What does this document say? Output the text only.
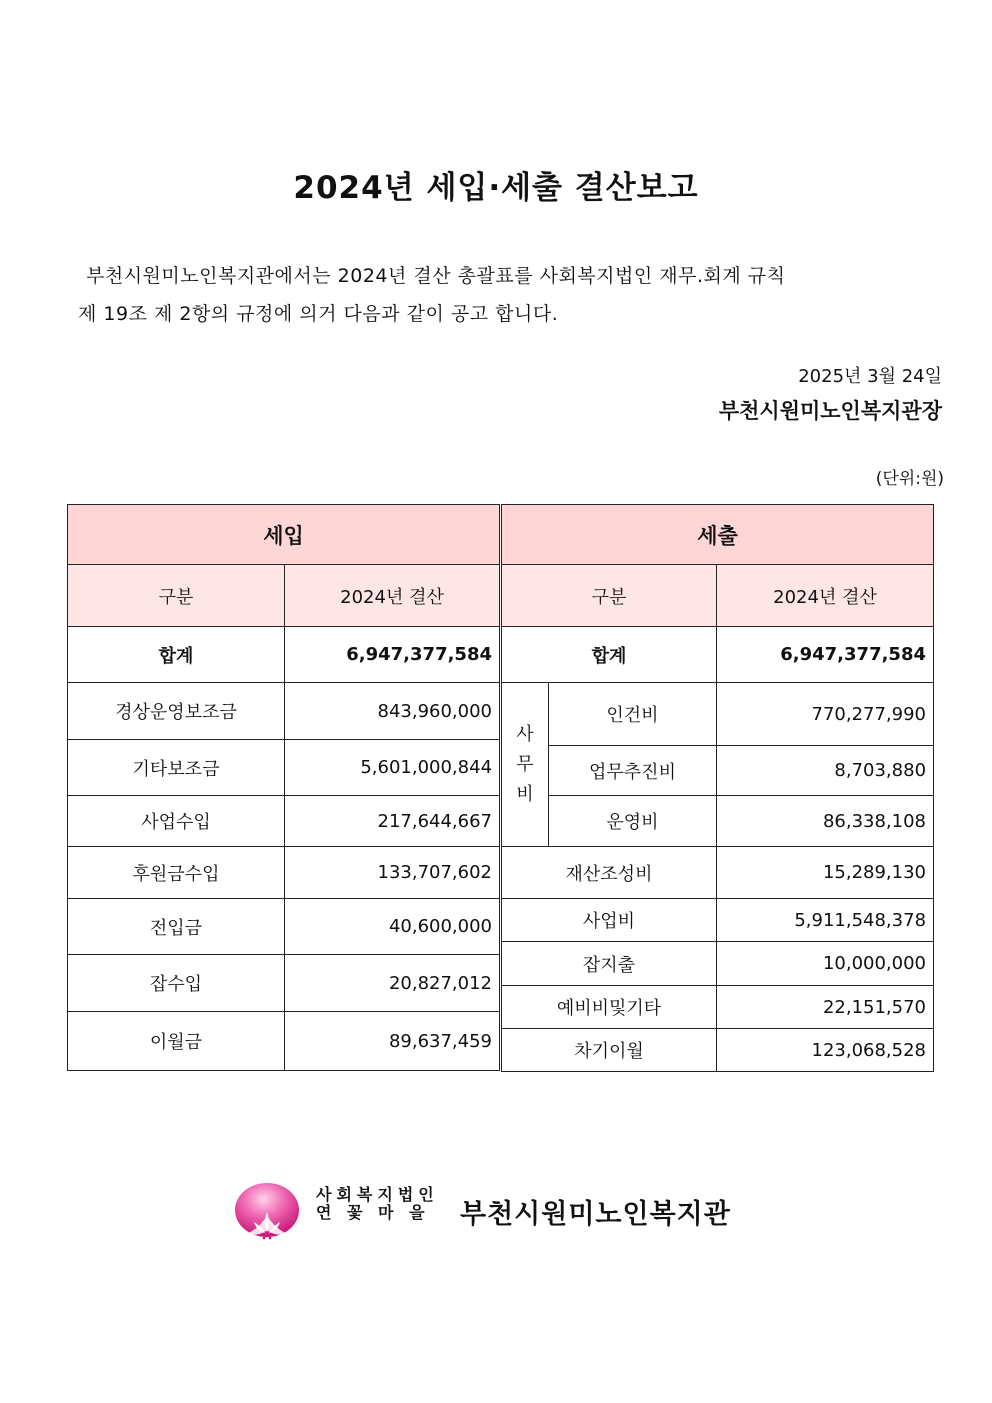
2024년 세입·세출 결산보고
부천시원미노인복지관에서는 2024년 결산 총괄표를 사회복지법인 재무.회계 규칙
제 19조 제 2항의 규정에 의거 다음과 같이 공고 합니다.
2025년 3월 24일
부천시원미노인복지관장
(단위:원)
세입	
구분	2024년 결산
합계	6,947,377,584
경상운영보조금	843,960,000
기타보조금	5,601,000,844
사업수입	217,644,667
후원금수입	133,707,602
전입금	40,600,000
잡수입	20,827,012
이월금	89,637,459
세출		
구분		2024년 결산
합계		6,947,377,584
사
무
비	인건비	770,277,990
	업무추진비	8,703,880
	운영비	86,338,108
재산조성비		15,289,130
사업비		5,911,548,378
잡지출		10,000,000
예비비및기타		22,151,570
차기이월		123,068,528
사회복지법인
연 꽃 마 을	부천시원미노인복지관
